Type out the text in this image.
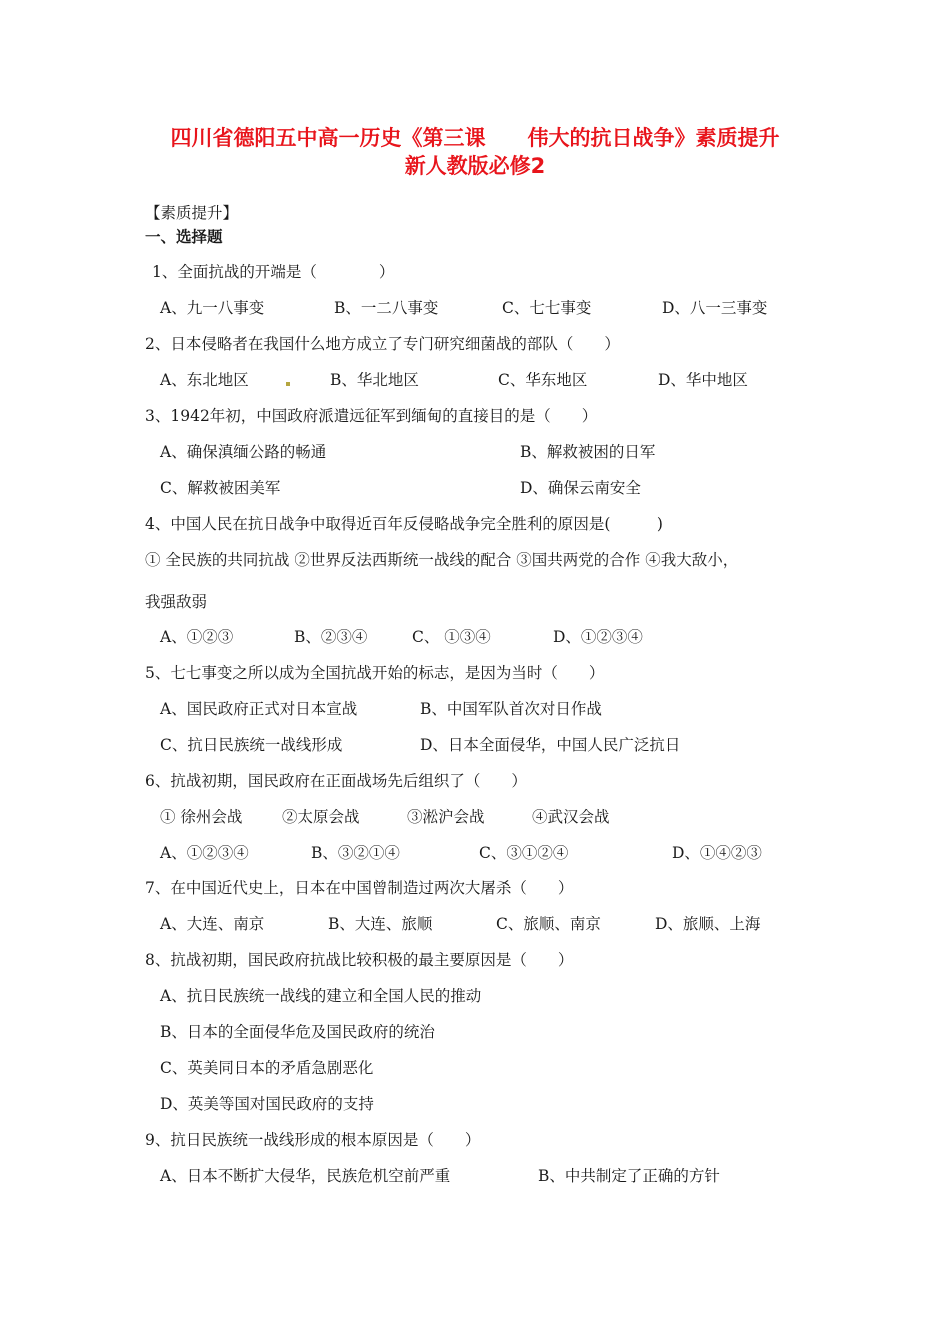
四川省德阳五中高一历史《第三课　　伟大的抗日战争》素质提升
新人教版必修2
【素质提升】
一、选择题
1、全面抗战的开端是（　　　　）
A、九一八事变	B、一二八事变	C、七七事变	D、八一三事变
2、日本侵略者在我国什么地方成立了专门研究细菌战的部队（　　）
A、东北地区	B、华北地区	C、华东地区	D、华中地区
3、1942年初，中国政府派遣远征军到缅甸的直接目的是（　　）
A、确保滇缅公路的畅通	B、解救被困的日军
C、解救被困美军	D、确保云南安全
4、中国人民在抗日战争中取得近百年反侵略战争完全胜利的原因是(　　　)
① 全民族的共同抗战 ②世界反法西斯统一战线的配合 ③国共两党的合作 ④我大敌小，
我强敌弱
A、①②③	B、②③④	C、 ①③④	D、①②③④
5、七七事变之所以成为全国抗战开始的标志，是因为当时（　　）
A、国民政府正式对日本宣战	B、中国军队首次对日作战
C、抗日民族统一战线形成	D、日本全面侵华，中国人民广泛抗日
6、抗战初期，国民政府在正面战场先后组织了（　　）
① 徐州会战	②太原会战	③淞沪会战	④武汉会战
A、①②③④	B、③②①④	C、③①②④	D、①④②③
7、在中国近代史上，日本在中国曾制造过两次大屠杀（　　）
A、大连、南京	B、大连、旅顺	C、旅顺、南京	D、旅顺、上海
8、抗战初期，国民政府抗战比较积极的最主要原因是（　　）
A、抗日民族统一战线的建立和全国人民的推动
B、日本的全面侵华危及国民政府的统治
C、英美同日本的矛盾急剧恶化
D、英美等国对国民政府的支持
9、抗日民族统一战线形成的根本原因是（　　）
A、日本不断扩大侵华，民族危机空前严重	B、中共制定了正确的方针
